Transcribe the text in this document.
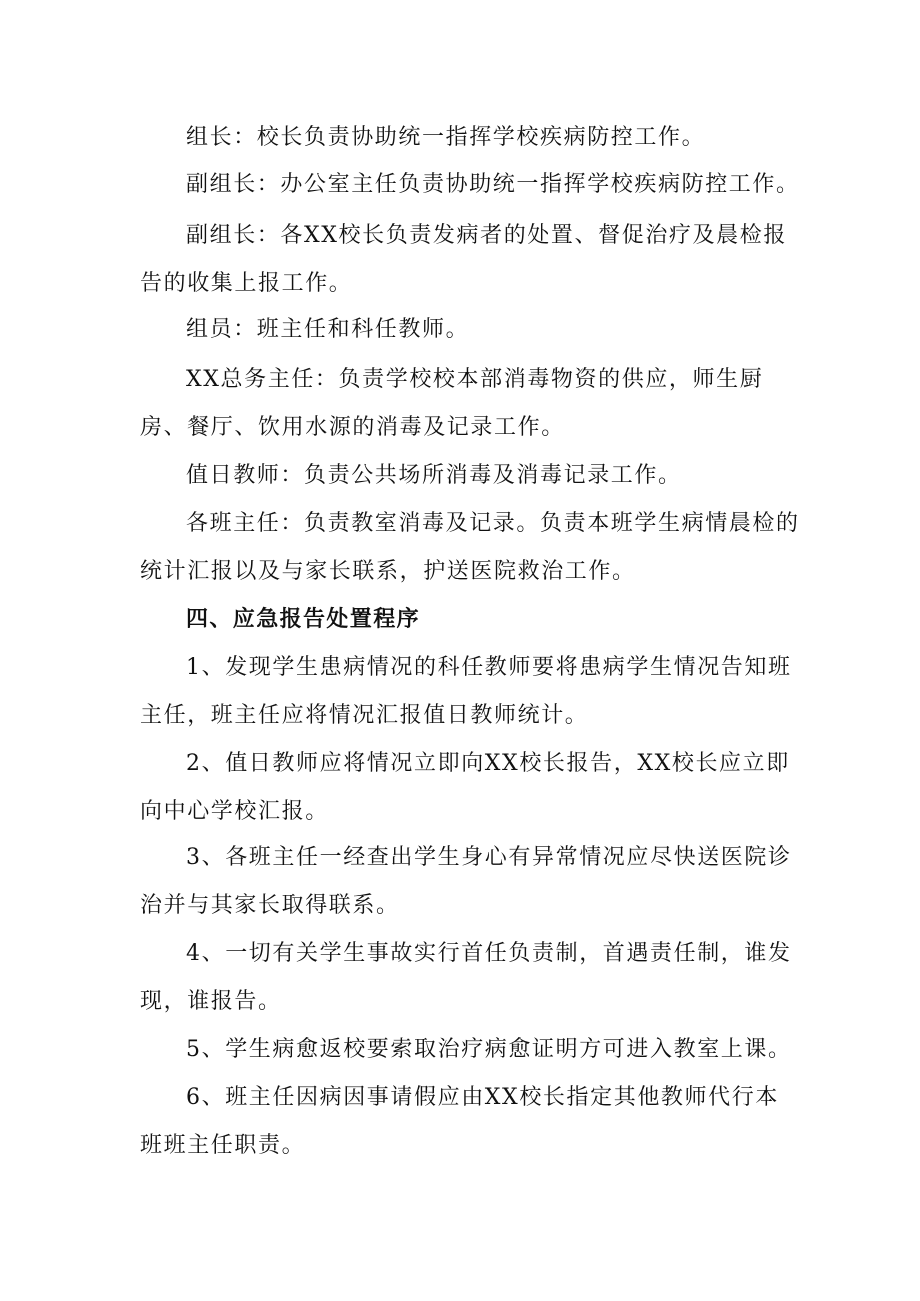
组长：校长负责协助统一指挥学校疾病防控工作。

副组长：办公室主任负责协助统一指挥学校疾病防控工作。

副组长：各XX校长负责发病者的处置、督促治疗及晨检报告的收集上报工作。

组员：班主任和科任教师。

XX总务主任：负责学校校本部消毒物资的供应，师生厨房、餐厅、饮用水源的消毒及记录工作。

值日教师：负责公共场所消毒及消毒记录工作。

各班主任：负责教室消毒及记录。负责本班学生病情晨检的统计汇报以及与家长联系，护送医院救治工作。

四、应急报告处置程序

1、发现学生患病情况的科任教师要将患病学生情况告知班主任，班主任应将情况汇报值日教师统计。

2、值日教师应将情况立即向XX校长报告，XX校长应立即向中心学校汇报。

3、各班主任一经查出学生身心有异常情况应尽快送医院诊治并与其家长取得联系。

4、一切有关学生事故实行首任负责制，首遇责任制，谁发现，谁报告。

5、学生病愈返校要索取治疗病愈证明方可进入教室上课。

6、班主任因病因事请假应由XX校长指定其他教师代行本班班主任职责。
